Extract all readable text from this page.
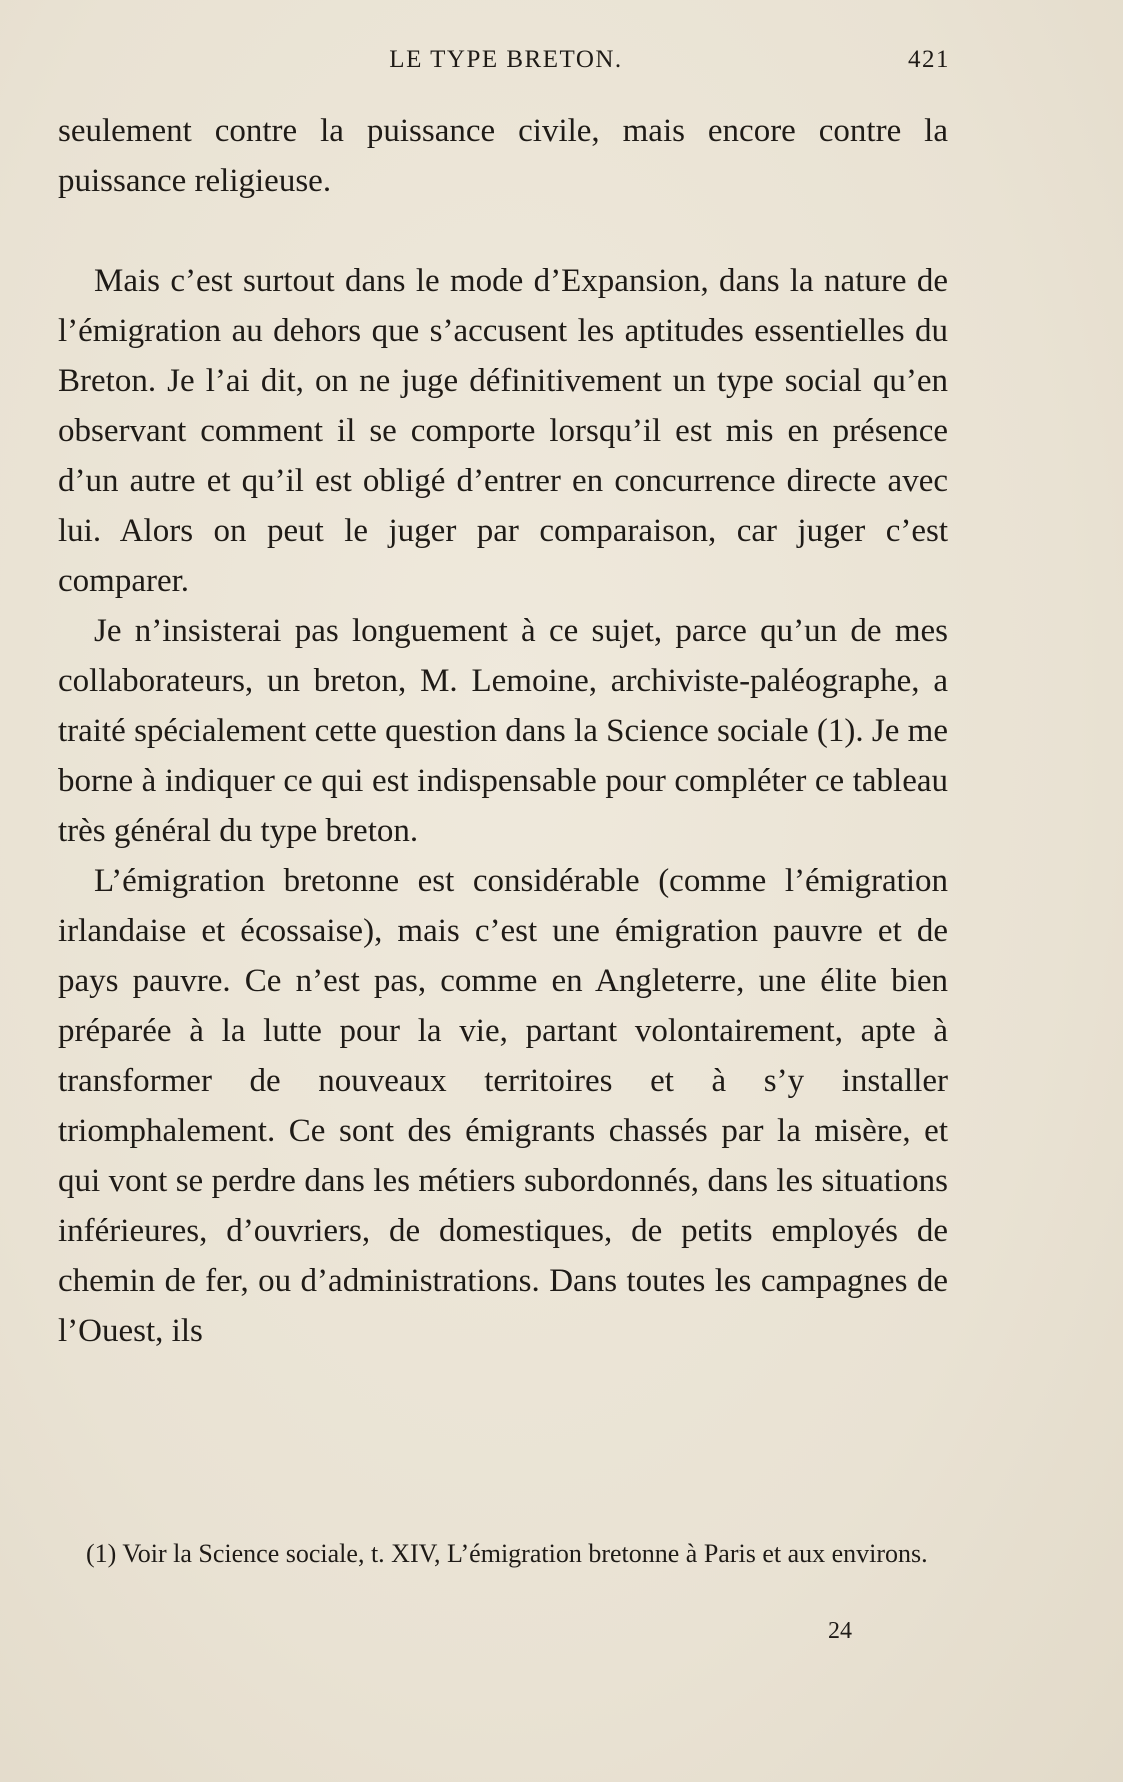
LE TYPE BRETON.	421

seulement contre la puissance civile, mais encore contre la puissance religieuse.

Mais c’est surtout dans le mode d’Expansion, dans la nature de l’émigration au dehors que s’accusent les aptitudes essentielles du Breton. Je l’ai dit, on ne juge définitivement un type social qu’en observant comment il se comporte lorsqu’il est mis en présence d’un autre et qu’il est obligé d’entrer en concurrence directe avec lui. Alors on peut le juger par comparaison, car juger c’est comparer.

Je n’insisterai pas longuement à ce sujet, parce qu’un de mes collaborateurs, un breton, M. Lemoine, archiviste-paléographe, a traité spécialement cette question dans la Science sociale (1). Je me borne à indiquer ce qui est indispensable pour compléter ce tableau très général du type breton.

L’émigration bretonne est considérable (comme l’émigration irlandaise et écossaise), mais c’est une émigration pauvre et de pays pauvre. Ce n’est pas, comme en Angleterre, une élite bien préparée à la lutte pour la vie, partant volontairement, apte à transformer de nouveaux territoires et à s’y installer triomphalement. Ce sont des émigrants chassés par la misère, et qui vont se perdre dans les métiers subordonnés, dans les situations inférieures, d’ouvriers, de domestiques, de petits employés de chemin de fer, ou d’administrations. Dans toutes les campagnes de l’Ouest, ils

(1) Voir la Science sociale, t. XIV, L’émigration bretonne à Paris et aux environs.
24
